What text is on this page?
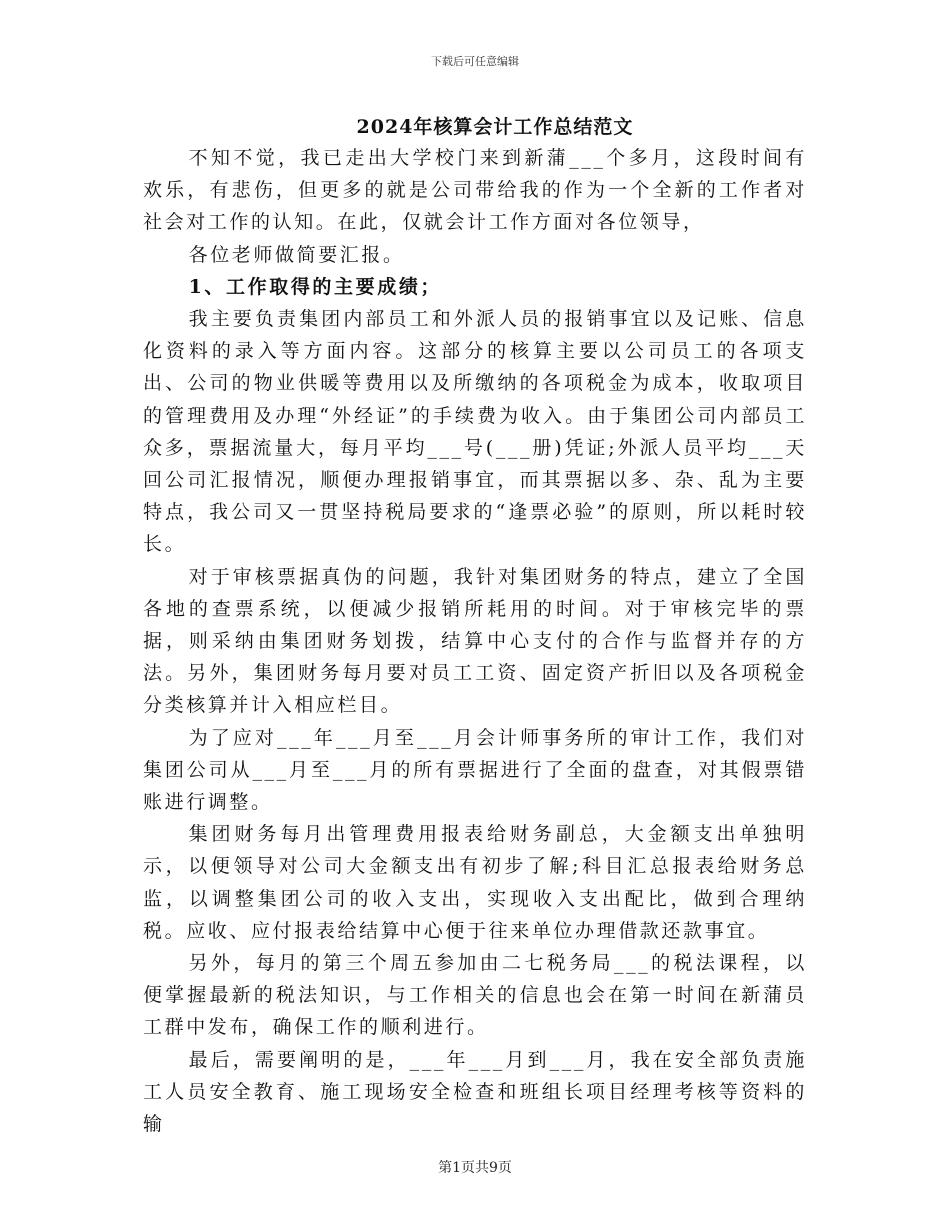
下载后可任意编辑
2024年核算会计工作总结范文

不知不觉，我已走出大学校门来到新蒲___个多月，这段时间有欢乐，有悲伤，但更多的就是公司带给我的作为一个全新的工作者对社会对工作的认知。在此，仅就会计工作方面对各位领导，

各位老师做简要汇报。

1、工作取得的主要成绩；

我主要负责集团内部员工和外派人员的报销事宜以及记账、信息化资料的录入等方面内容。这部分的核算主要以公司员工的各项支出、公司的物业供暖等费用以及所缴纳的各项税金为成本，收取项目的管理费用及办理“外经证”的手续费为收入。由于集团公司内部员工众多，票据流量大，每月平均___号(___册)凭证;外派人员平均___天回公司汇报情况，顺便办理报销事宜，而其票据以多、杂、乱为主要特点，我公司又一贯坚持税局要求的“逢票必验”的原则，所以耗时较长。

对于审核票据真伪的问题，我针对集团财务的特点，建立了全国各地的查票系统，以便减少报销所耗用的时间。对于审核完毕的票据，则采纳由集团财务划拨，结算中心支付的合作与监督并存的方法。另外，集团财务每月要对员工工资、固定资产折旧以及各项税金分类核算并计入相应栏目。

为了应对___年___月至___月会计师事务所的审计工作，我们对集团公司从___月至___月的所有票据进行了全面的盘查，对其假票错账进行调整。

集团财务每月出管理费用报表给财务副总，大金额支出单独明示，以便领导对公司大金额支出有初步了解;科目汇总报表给财务总监，以调整集团公司的收入支出，实现收入支出配比，做到合理纳税。应收、应付报表给结算中心便于往来单位办理借款还款事宜。

另外，每月的第三个周五参加由二七税务局___的税法课程，以便掌握最新的税法知识，与工作相关的信息也会在第一时间在新蒲员工群中发布，确保工作的顺利进行。

最后，需要阐明的是，___年___月到___月，我在安全部负责施工人员安全教育、施工现场安全检查和班组长项目经理考核等资料的输

第1页共9页
